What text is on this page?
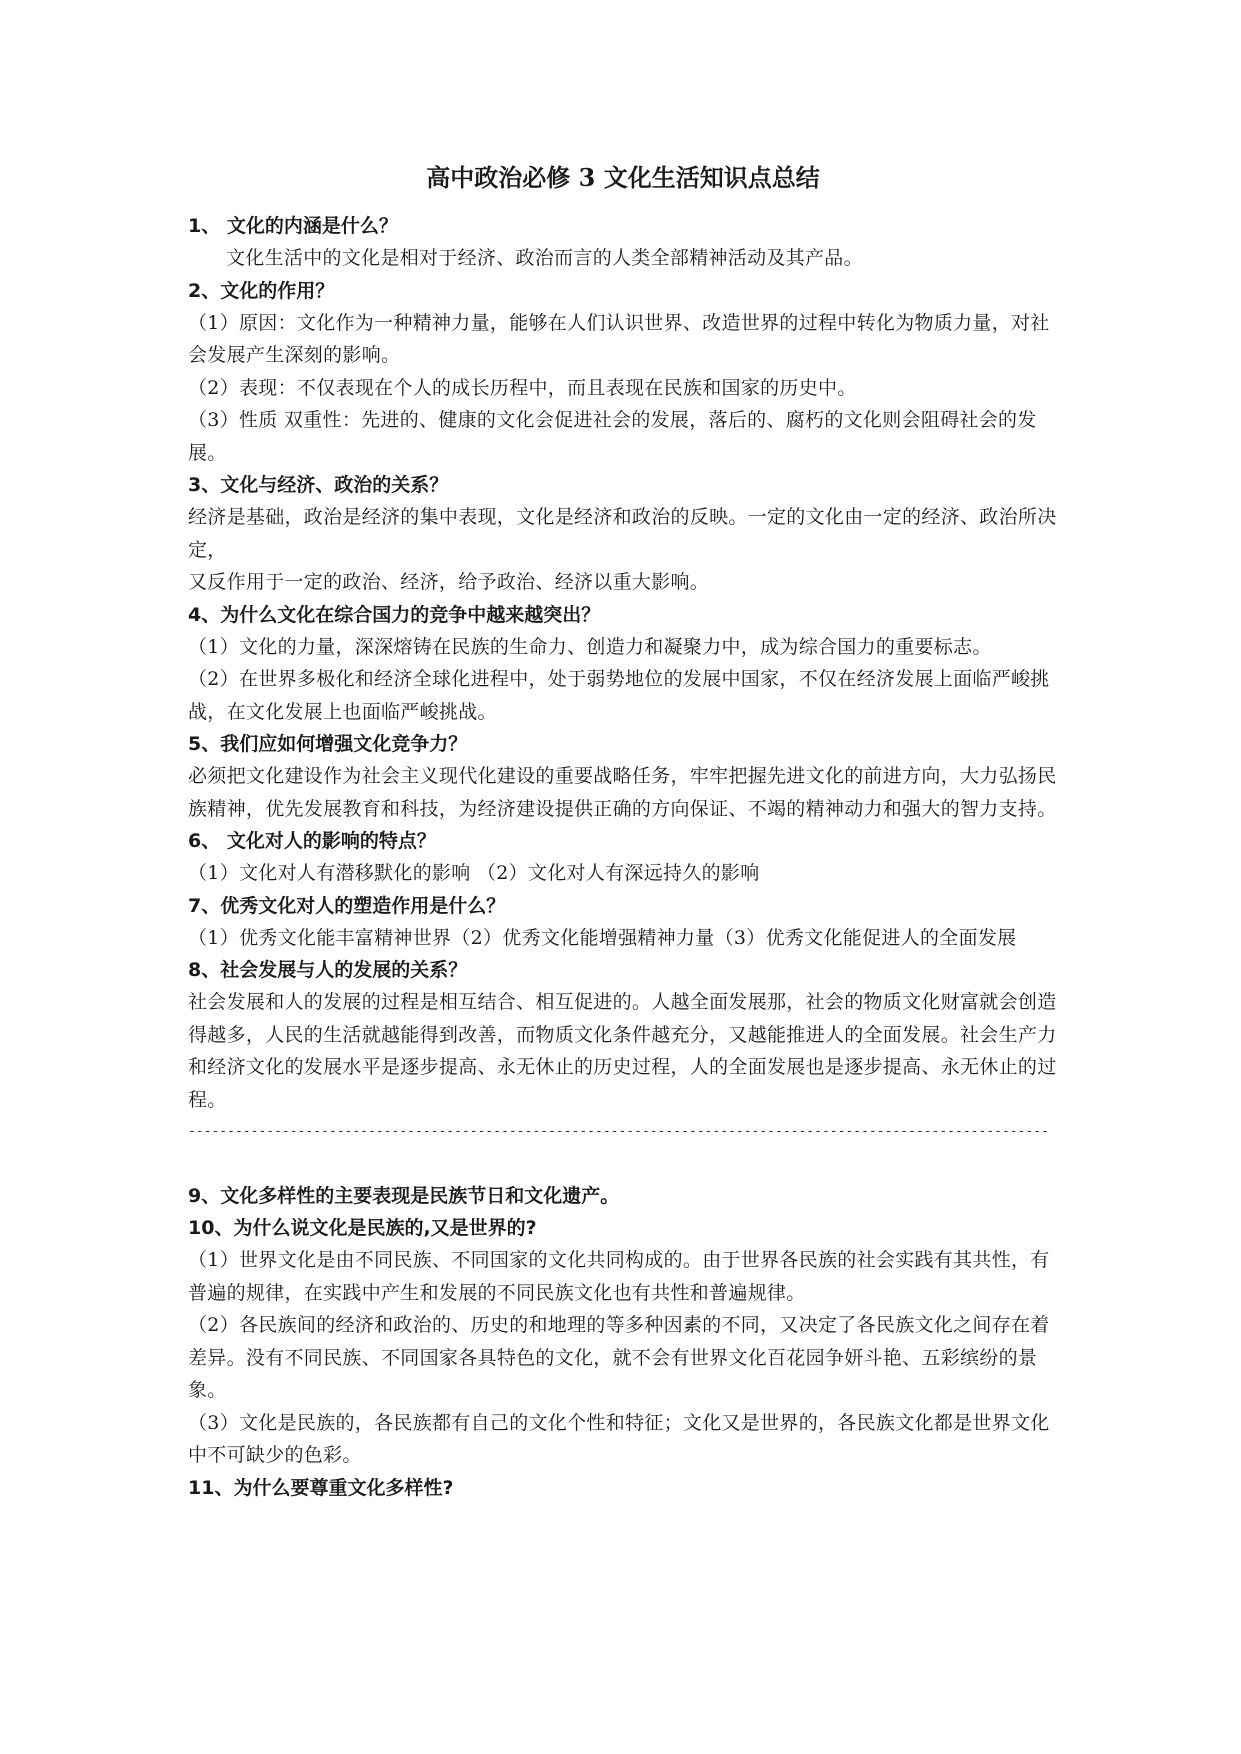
高中政治必修 3 文化生活知识点总结
1、 文化的内涵是什么？
文化生活中的文化是相对于经济、政治而言的人类全部精神活动及其产品。
2、文化的作用？
（1）原因：文化作为一种精神力量，能够在人们认识世界、改造世界的过程中转化为物质力量，对社会发展产生深刻的影响。
（2）表现：不仅表现在个人的成长历程中，而且表现在民族和国家的历史中。
（3）性质 双重性：先进的、健康的文化会促进社会的发展，落后的、腐朽的文化则会阻碍社会的发展。
3、文化与经济、政治的关系？
经济是基础，政治是经济的集中表现，文化是经济和政治的反映。一定的文化由一定的经济、政治所决定，
又反作用于一定的政治、经济，给予政治、经济以重大影响。
4、为什么文化在综合国力的竞争中越来越突出？
（1）文化的力量，深深熔铸在民族的生命力、创造力和凝聚力中，成为综合国力的重要标志。
（2）在世界多极化和经济全球化进程中，处于弱势地位的发展中国家，不仅在经济发展上面临严峻挑战，在文化发展上也面临严峻挑战。
5、我们应如何增强文化竞争力？
必须把文化建设作为社会主义现代化建设的重要战略任务，牢牢把握先进文化的前进方向，大力弘扬民族精神，优先发展教育和科技，为经济建设提供正确的方向保证、不竭的精神动力和强大的智力支持。
6、 文化对人的影响的特点？
（1）文化对人有潜移默化的影响 （2）文化对人有深远持久的影响
7、优秀文化对人的塑造作用是什么？
（1）优秀文化能丰富精神世界（2）优秀文化能增强精神力量（3）优秀文化能促进人的全面发展
8、社会发展与人的发展的关系？
社会发展和人的发展的过程是相互结合、相互促进的。人越全面发展那，社会的物质文化财富就会创造得越多，人民的生活就越能得到改善，而物质文化条件越充分，又越能推进人的全面发展。社会生产力和经济文化的发展水平是逐步提高、永无休止的历史过程，人的全面发展也是逐步提高、永无休止的过程。
--------------------------------------------------------------------------------------------------------------
9、文化多样性的主要表现是民族节日和文化遗产。
10、为什么说文化是民族的,又是世界的?
（1）世界文化是由不同民族、不同国家的文化共同构成的。由于世界各民族的社会实践有其共性，有普遍的规律，在实践中产生和发展的不同民族文化也有共性和普遍规律。
（2）各民族间的经济和政治的、历史的和地理的等多种因素的不同，又决定了各民族文化之间存在着差异。没有不同民族、不同国家各具特色的文化，就不会有世界文化百花园争妍斗艳、五彩缤纷的景象。
（3）文化是民族的，各民族都有自己的文化个性和特征；文化又是世界的，各民族文化都是世界文化中不可缺少的色彩。
11、为什么要尊重文化多样性?
